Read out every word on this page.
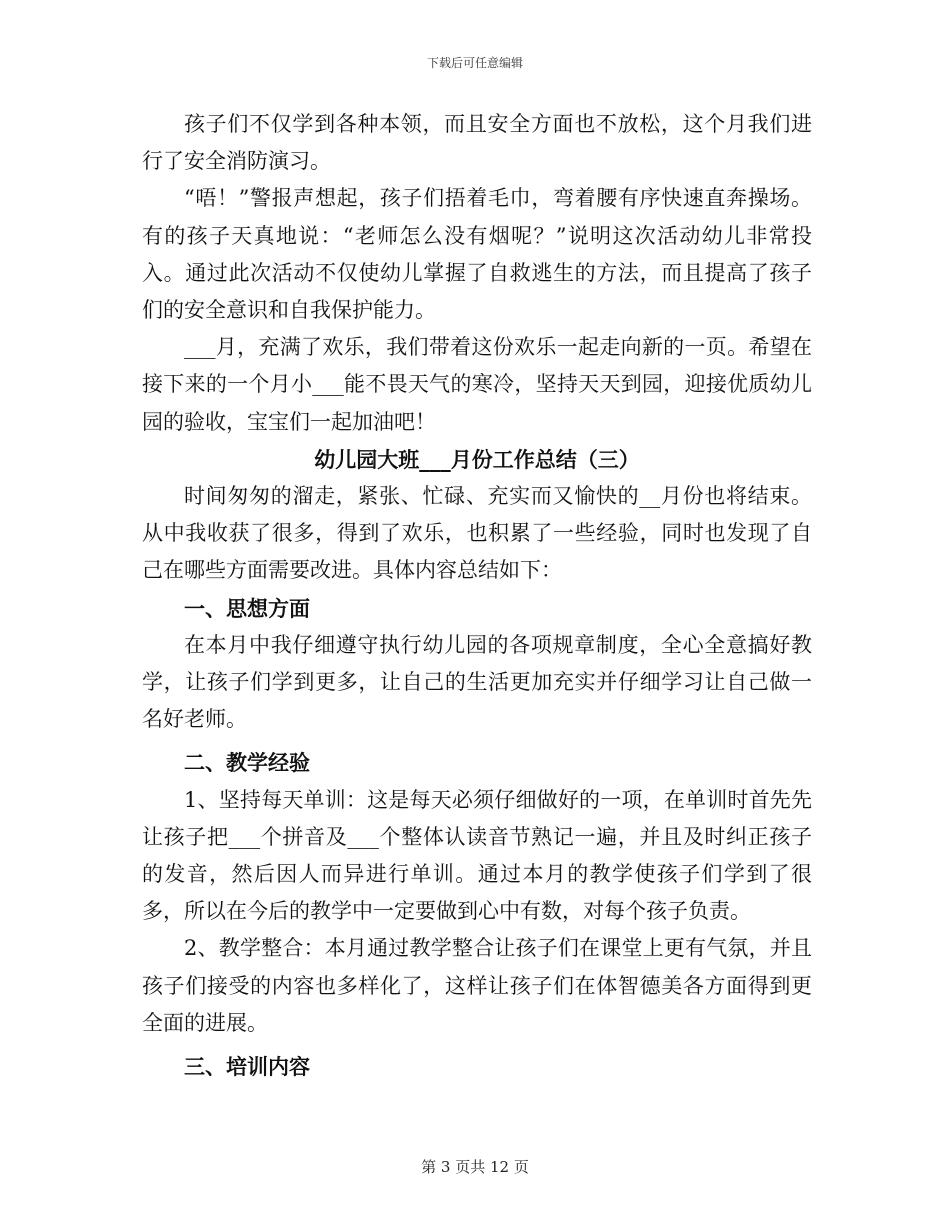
下载后可任意编辑

孩子们不仅学到各种本领，而且安全方面也不放松，这个月我们进行了安全消防演习。

“唔！”警报声想起，孩子们捂着毛巾，弯着腰有序快速直奔操场。有的孩子天真地说：“老师怎么没有烟呢？”说明这次活动幼儿非常投入。通过此次活动不仅使幼儿掌握了自救逃生的方法，而且提高了孩子们的安全意识和自我保护能力。

___月，充满了欢乐，我们带着这份欢乐一起走向新的一页。希望在接下来的一个月小___能不畏天气的寒冷，坚持天天到园，迎接优质幼儿园的验收，宝宝们一起加油吧！

幼儿园大班___月份工作总结（三）

时间匆匆的溜走，紧张、忙碌、充实而又愉快的__月份也将结束。从中我收获了很多，得到了欢乐，也积累了一些经验，同时也发现了自己在哪些方面需要改进。具体内容总结如下：

一、思想方面

在本月中我仔细遵守执行幼儿园的各项规章制度，全心全意搞好教学，让孩子们学到更多，让自己的生活更加充实并仔细学习让自己做一名好老师。

二、教学经验

1、坚持每天单训：这是每天必须仔细做好的一项，在单训时首先先让孩子把___个拼音及___个整体认读音节熟记一遍，并且及时纠正孩子的发音，然后因人而异进行单训。通过本月的教学使孩子们学到了很多，所以在今后的教学中一定要做到心中有数，对每个孩子负责。

2、教学整合：本月通过教学整合让孩子们在课堂上更有气氛，并且孩子们接受的内容也多样化了，这样让孩子们在体智德美各方面得到更全面的进展。

三、培训内容

第 3 页共 12 页
